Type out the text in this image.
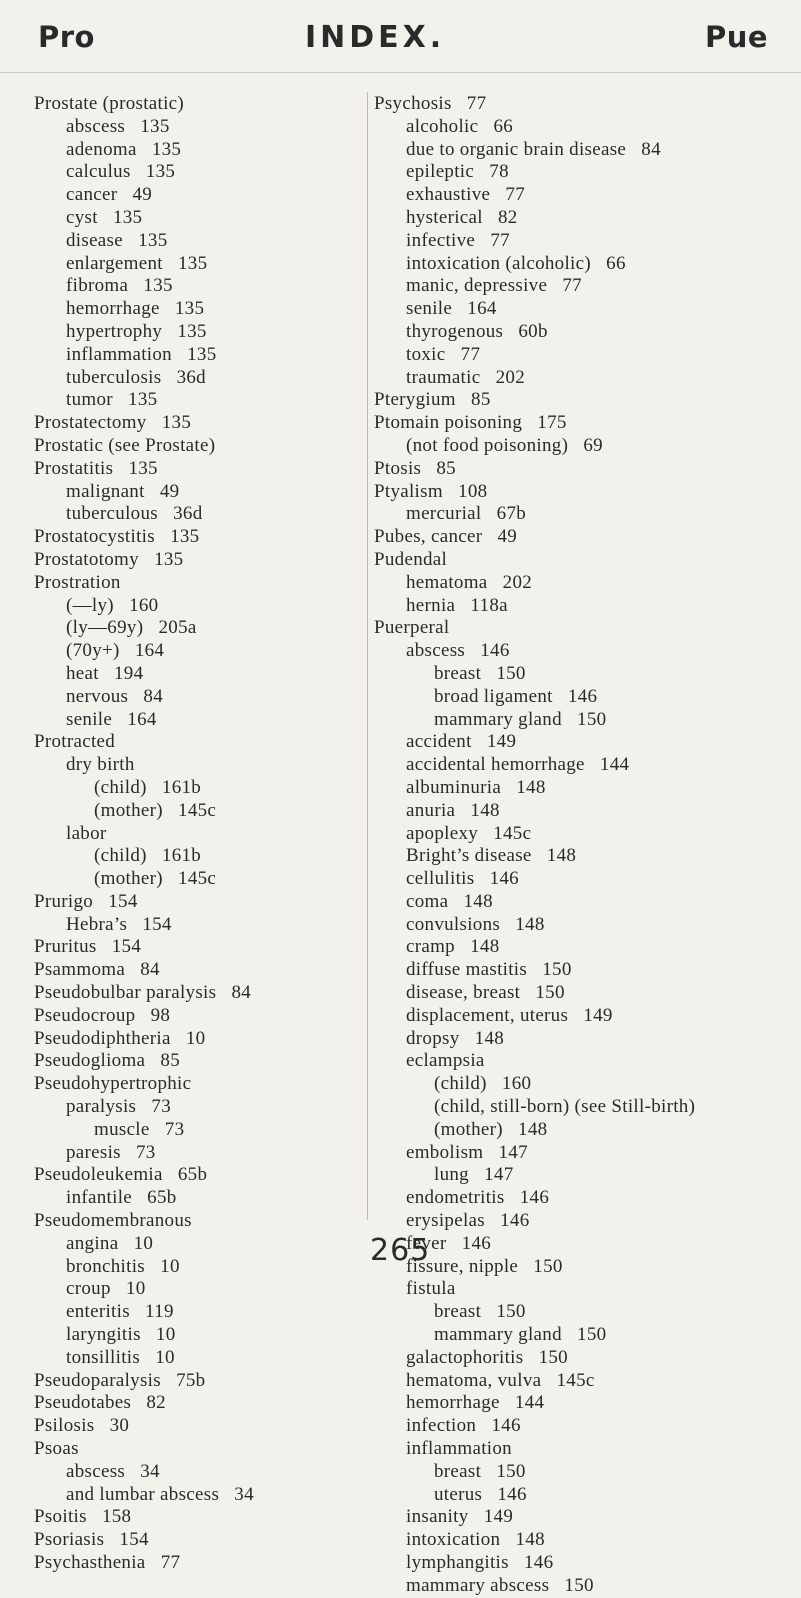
Pro	INDEX.	Pue
Prostate (prostatic)
abscess   135
adenoma   135
calculus   135
cancer   49
cyst   135
disease   135
enlargement   135
fibroma   135
hemorrhage   135
hypertrophy   135
inflammation   135
tuberculosis   36d
tumor   135
Prostatectomy   135
Prostatic (see Prostate)
Prostatitis   135
malignant   49
tuberculous   36d
Prostatocystitis   135
Prostatotomy   135
Prostration
(—ly)   160
(ly—69y)   205a
(70y+)   164
heat   194
nervous   84
senile   164
Protracted
dry birth
(child)   161b
(mother)   145c
labor
(child)   161b
(mother)   145c
Prurigo   154
Hebra’s   154
Pruritus   154
Psammoma   84
Pseudobulbar paralysis   84
Pseudocroup   98
Pseudodiphtheria   10
Pseudoglioma   85
Pseudohypertrophic
paralysis   73
muscle   73
paresis   73
Pseudoleukemia   65b
infantile   65b
Pseudomembranous
angina   10
bronchitis   10
croup   10
enteritis   119
laryngitis   10
tonsillitis   10
Pseudoparalysis   75b
Pseudotabes   82
Psilosis   30
Psoas
abscess   34
and lumbar abscess   34
Psoitis   158
Psoriasis   154
Psychasthenia   77
Psychosis   77
alcoholic   66
due to organic brain disease   84
epileptic   78
exhaustive   77
hysterical   82
infective   77
intoxication (alcoholic)   66
manic, depressive   77
senile   164
thyrogenous   60b
toxic   77
traumatic   202
Pterygium   85
Ptomain poisoning   175
(not food poisoning)   69
Ptosis   85
Ptyalism   108
mercurial   67b
Pubes, cancer   49
Pudendal
hematoma   202
hernia   118a
Puerperal
abscess   146
breast   150
broad ligament   146
mammary gland   150
accident   149
accidental hemorrhage   144
albuminuria   148
anuria   148
apoplexy   145c
Bright’s disease   148
cellulitis   146
coma   148
convulsions   148
cramp   148
diffuse mastitis   150
disease, breast   150
displacement, uterus   149
dropsy   148
eclampsia
(child)   160
(child, still-born) (see Still-birth)
(mother)   148
embolism   147
lung   147
endometritis   146
erysipelas   146
fever   146
fissure, nipple   150
fistula
breast   150
mammary gland   150
galactophoritis   150
hematoma, vulva   145c
hemorrhage   144
infection   146
inflammation
breast   150
uterus   146
insanity   149
intoxication   148
lymphangitis   146
mammary abscess   150
265
